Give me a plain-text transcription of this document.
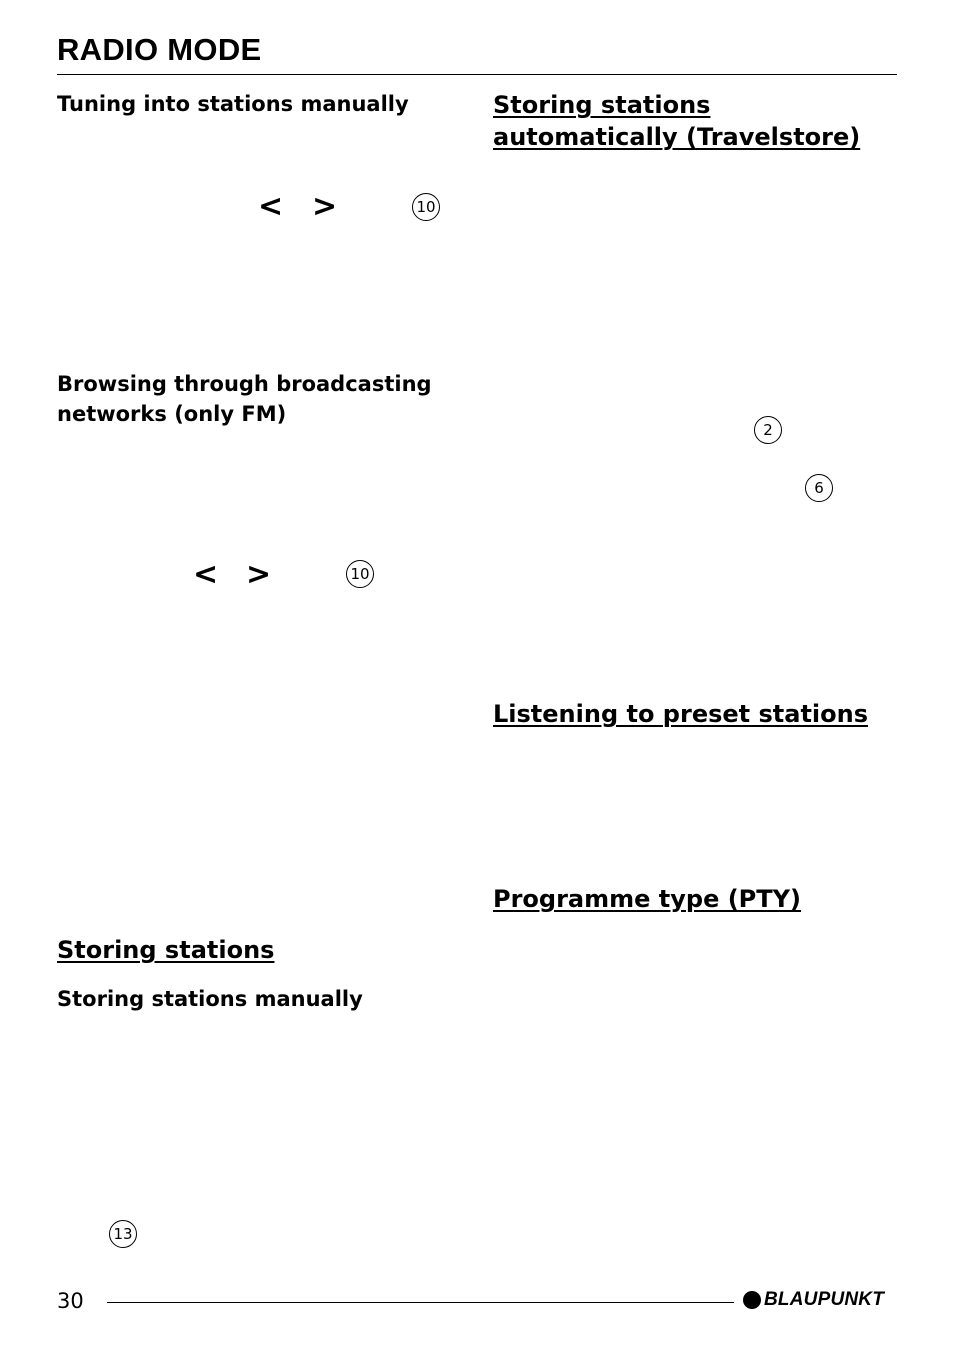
RADIO MODE
Tuning into stations manually
< >	10
Browsing through broadcasting networks (only FM)
< >	10
Storing stations
Storing stations manually
13
Storing stations automatically (Travelstore)
2
6
Listening to preset stations
Programme type (PTY)
30	BLAUPUNKT
